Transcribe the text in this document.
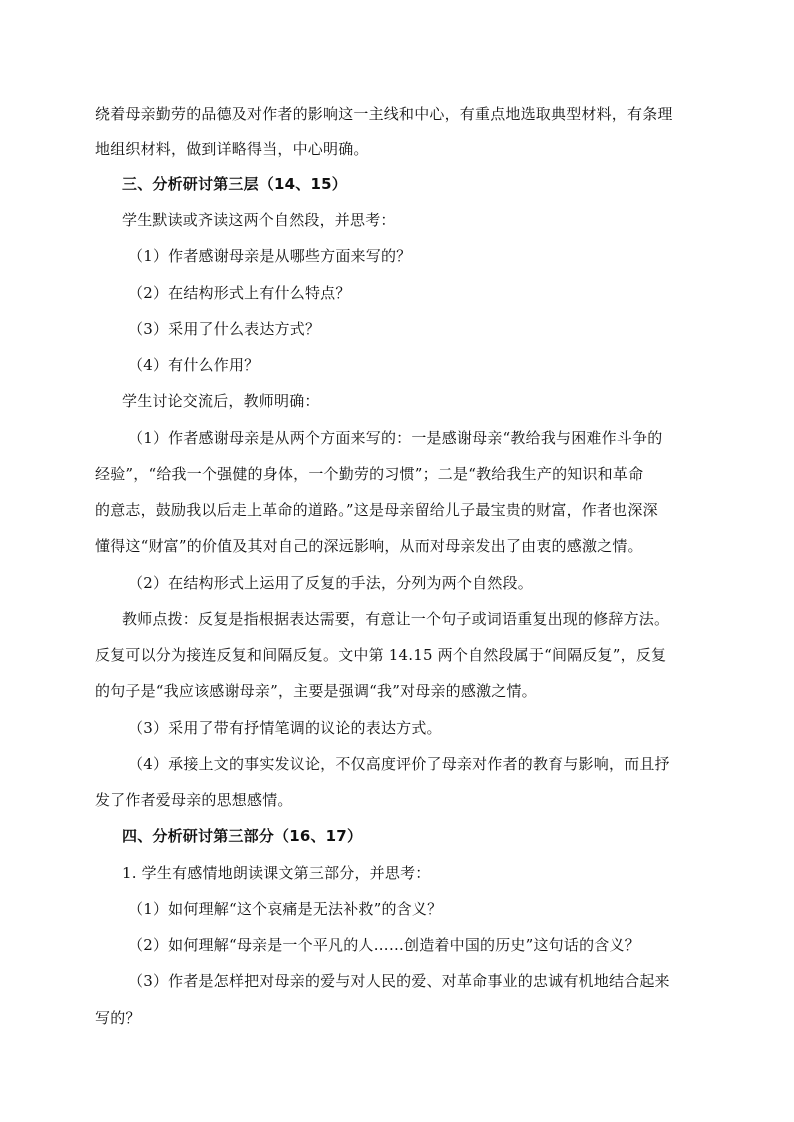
绕着母亲勤劳的品德及对作者的影响这一主线和中心，有重点地选取典型材料，有条理
地组织材料，做到详略得当，中心明确。
三、分析研讨第三层（14、15）
学生默读或齐读这两个自然段，并思考：
（1）作者感谢母亲是从哪些方面来写的？
（2）在结构形式上有什么特点？
（3）采用了什么表达方式？
（4）有什么作用？
学生讨论交流后，教师明确：
（1）作者感谢母亲是从两个方面来写的：一是感谢母亲“教给我与困难作斗争的
经验”，“给我一个强健的身体，一个勤劳的习惯”；二是“教给我生产的知识和革命
的意志，鼓励我以后走上革命的道路。”这是母亲留给儿子最宝贵的财富，作者也深深
懂得这“财富”的价值及其对自己的深远影响，从而对母亲发出了由衷的感激之情。
（2）在结构形式上运用了反复的手法，分列为两个自然段。
教师点拨：反复是指根据表达需要，有意让一个句子或词语重复出现的修辞方法。
反复可以分为接连反复和间隔反复。文中第 14.15 两个自然段属于“间隔反复”，反复
的句子是“我应该感谢母亲”，主要是强调“我”对母亲的感激之情。
（3）采用了带有抒情笔调的议论的表达方式。
（4）承接上文的事实发议论，不仅高度评价了母亲对作者的教育与影响，而且抒
发了作者爱母亲的思想感情。
四、分析研讨第三部分（16、17）
1. 学生有感情地朗读课文第三部分，并思考：
（1）如何理解“这个哀痛是无法补救”的含义？
（2）如何理解“母亲是一个平凡的人……创造着中国的历史”这句话的含义？
（3）作者是怎样把对母亲的爱与对人民的爱、对革命事业的忠诚有机地结合起来
写的？
